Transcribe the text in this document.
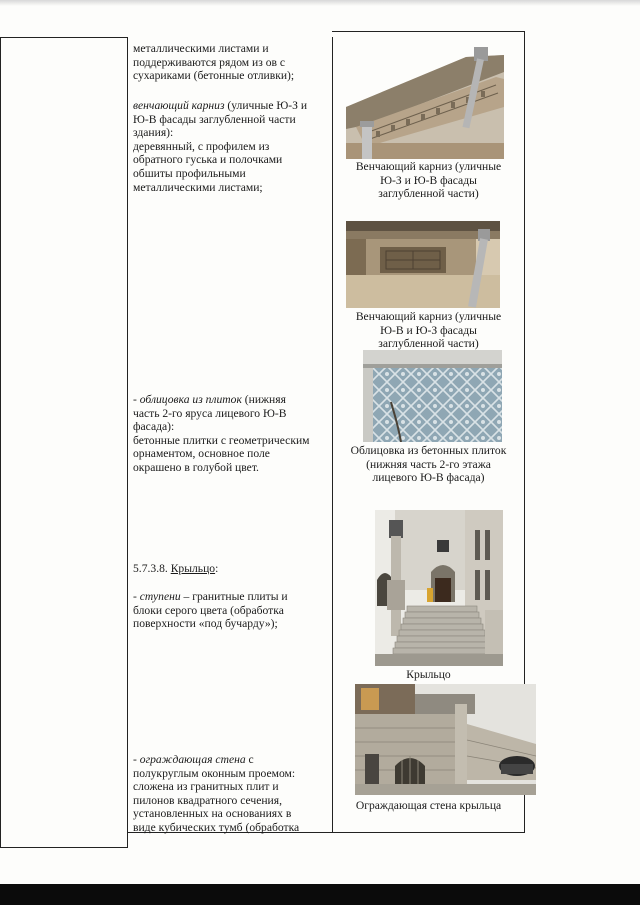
металлическими листами и

поддерживаются рядом из ов с

сухариками (бетонные отливки);

венчающий карниз (уличные Ю-З и

Ю-В фасады заглубленной части

здания):

деревянный, с профилем из

обратного гуська и полочками

обшиты профильными

металлическими листами;

- облицовка из плиток (нижняя

часть 2-го яруса лицевого Ю-В

фасада):

бетонные плитки с геометрическим

орнаментом, основное поле

окрашено в голубой цвет.

5.7.3.8. Крыльцо:

- ступени – гранитные плиты и

блоки серого цвета (обработка

поверхности «под бучарду»);

- ограждающая стена с

полукруглым оконным проемом:

сложена из гранитных плит и

пилонов квадратного сечения,

установленных на основаниях в

виде кубических тумб (обработка

Венчающий карниз (уличные
Ю-З и Ю-В фасады
заглубленной части)
Венчающий карниз (уличные
Ю-В и Ю-З фасады
заглубленной части)
Облицовка из бетонных плиток
(нижняя часть 2-го этажа
лицевого Ю-В фасада)
Крыльцо
Ограждающая стена крыльца
